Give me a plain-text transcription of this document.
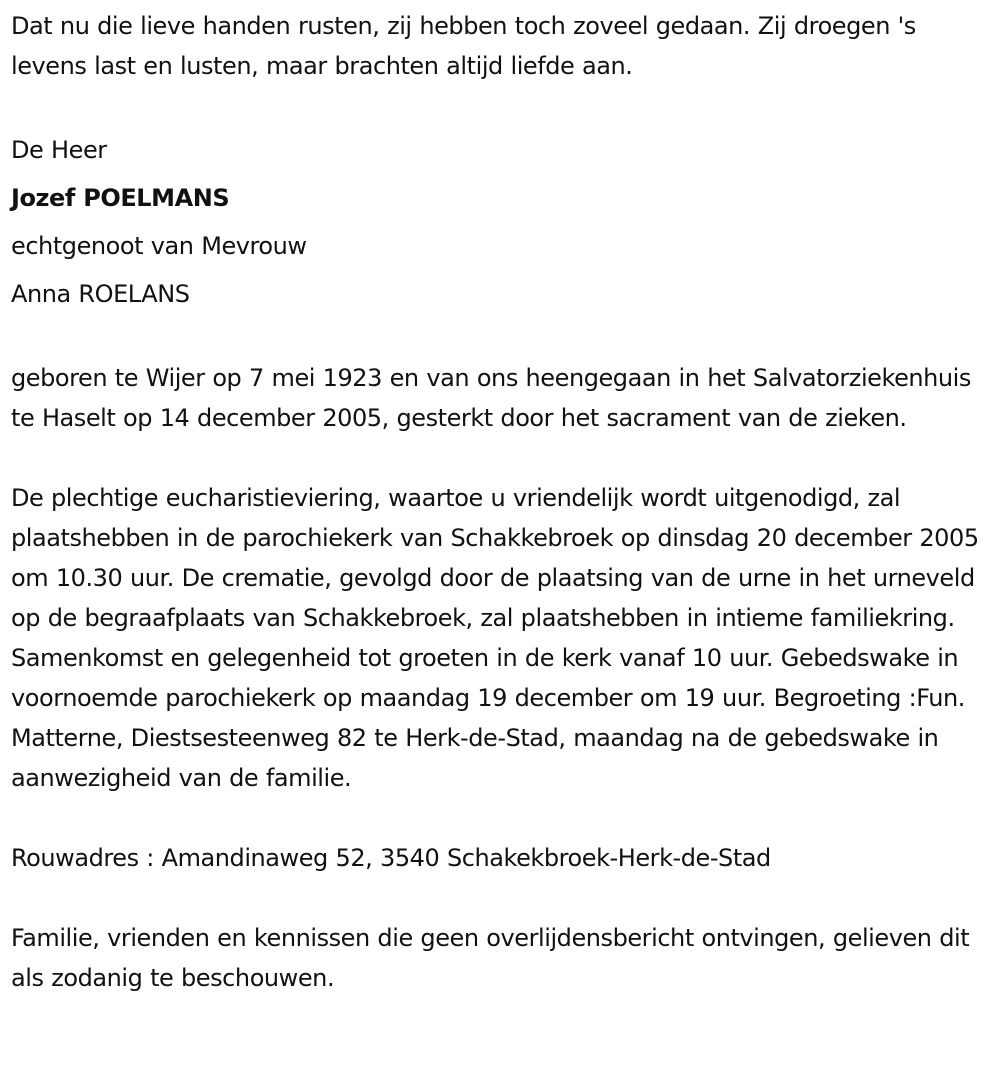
Dat nu die lieve handen rusten, zij hebben toch zoveel gedaan. Zij droegen 's levens last en lusten, maar brachten altijd liefde aan.

De Heer

Jozef POELMANS

echtgenoot van Mevrouw

Anna ROELANS

geboren te Wijer op 7 mei 1923 en van ons heengegaan in het Salvatorziekenhuis te Haselt op 14 december 2005, gesterkt door het sacrament van de zieken.

De plechtige eucharistieviering, waartoe u vriendelijk wordt uitgenodigd, zal plaatshebben in de parochiekerk van Schakkebroek op dinsdag 20 december 2005 om 10.30 uur. De crematie, gevolgd door de plaatsing van de urne in het urneveld op de begraafplaats van Schakkebroek, zal plaatshebben in intieme familiekring. Samenkomst en gelegenheid tot groeten in de kerk vanaf 10 uur. Gebedswake in voornoemde parochiekerk op maandag 19 december om 19 uur. Begroeting :Fun. Matterne, Diestsesteenweg 82 te Herk-de-Stad, maandag na de gebedswake in aanwezigheid van de familie.

Rouwadres : Amandinaweg 52, 3540 Schakekbroek-Herk-de-Stad

Familie, vrienden en kennissen die geen overlijdensbericht ontvingen, gelieven dit als zodanig te beschouwen.
